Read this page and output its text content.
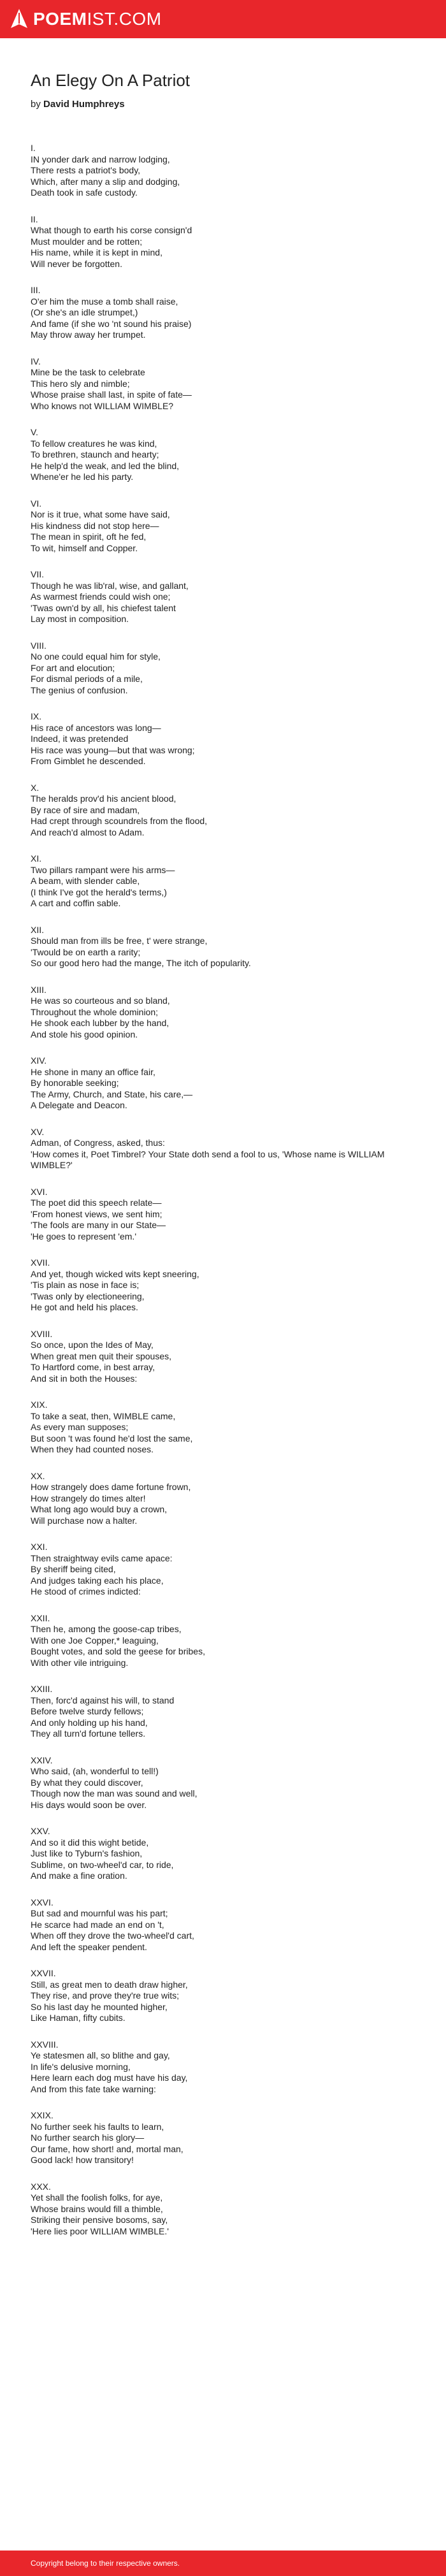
POEMIST.COM
An Elegy On A Patriot

by David Humphreys

I.
IN yonder dark and narrow lodging,
There rests a patriot's body,
Which, after many a slip and dodging,
Death took in safe custody.
II.
What though to earth his corse consign'd
Must moulder and be rotten;
His name, while it is kept in mind,
Will never be forgotten.
III.
O'er him the muse a tomb shall raise,
(Or she's an idle strumpet,)
And fame (if she wo 'nt sound his praise)
May throw away her trumpet.
IV.
Mine be the task to celebrate
This hero sly and nimble;
Whose praise shall last, in spite of fate—
Who knows not WILLIAM WIMBLE?
V.
To fellow creatures he was kind,
To brethren, staunch and hearty;
He help'd the weak, and led the blind,
Whene'er he led his party.
VI.
Nor is it true, what some have said,
His kindness did not stop here—
The mean in spirit, oft he fed,
To wit, himself and Copper.
VII.
Though he was lib'ral, wise, and gallant,
As warmest friends could wish one;
'Twas own'd by all, his chiefest talent
Lay most in composition.
VIII.
No one could equal him for style,
For art and elocution;
For dismal periods of a mile,
The genius of confusion.
IX.
His race of ancestors was long—
Indeed, it was pretended
His race was young—but that was wrong;
From Gimblet he descended.
X.
The heralds prov'd his ancient blood,
By race of sire and madam,
Had crept through scoundrels from the flood,
And reach'd almost to Adam.
XI.
Two pillars rampant were his arms—
A beam, with slender cable,
(I think I've got the herald's terms,)
A cart and coffin sable.
XII.
Should man from ills be free, t' were strange,
'Twould be on earth a rarity;
So our good hero had the mange, The itch of popularity.
XIII.
He was so courteous and so bland,
Throughout the whole dominion;
He shook each lubber by the hand,
And stole his good opinion.
XIV.
He shone in many an office fair,
By honorable seeking;
The Army, Church, and State, his care,—
A Delegate and Deacon.
XV.
Adman, of Congress, asked, thus:
'How comes it, Poet Timbrel? Your State doth send a fool to us, 'Whose name is WILLIAM WIMBLE?'
XVI.
The poet did this speech relate—
'From honest views, we sent him;
'The fools are many in our State—
'He goes to represent 'em.'
XVII.
And yet, though wicked wits kept sneering,
'Tis plain as nose in face is;
'Twas only by electioneering,
He got and held his places.
XVIII.
So once, upon the Ides of May,
When great men quit their spouses,
To Hartford come, in best array,
And sit in both the Houses:
XIX.
To take a seat, then, WIMBLE came,
As every man supposes;
But soon 't was found he'd lost the same,
When they had counted noses.
XX.
How strangely does dame fortune frown,
How strangely do times alter!
What long ago would buy a crown,
Will purchase now a halter.
XXI.
Then straightway evils came apace:
By sheriff being cited,
And judges taking each his place,
He stood of crimes indicted:
XXII.
Then he, among the goose-cap tribes,
With one Joe Copper,* leaguing,
Bought votes, and sold the geese for bribes,
With other vile intriguing.
XXIII.
Then, forc'd against his will, to stand
Before twelve sturdy fellows;
And only holding up his hand,
They all turn'd fortune tellers.
XXIV.
Who said, (ah, wonderful to tell!)
By what they could discover,
Though now the man was sound and well,
His days would soon be over.
XXV.
And so it did this wight betide,
Just like to Tyburn's fashion,
Sublime, on two-wheel'd car, to ride,
And make a fine oration.
XXVI.
But sad and mournful was his part;
He scarce had made an end on 't,
When off they drove the two-wheel'd cart,
And left the speaker pendent.
XXVII.
Still, as great men to death draw higher,
They rise, and prove they're true wits;
So his last day he mounted higher,
Like Haman, fifty cubits.
XXVIII.
Ye statesmen all, so blithe and gay,
In life's delusive morning,
Here learn each dog must have his day,
And from this fate take warning:
XXIX.
No further seek his faults to learn,
No further search his glory—
Our fame, how short! and, mortal man,
Good lack! how transitory!
XXX.
Yet shall the foolish folks, for aye,
Whose brains would fill a thimble,
Striking their pensive bosoms, say,
'Here lies poor WILLIAM WIMBLE.'
Copyright belong to their respective owners.
